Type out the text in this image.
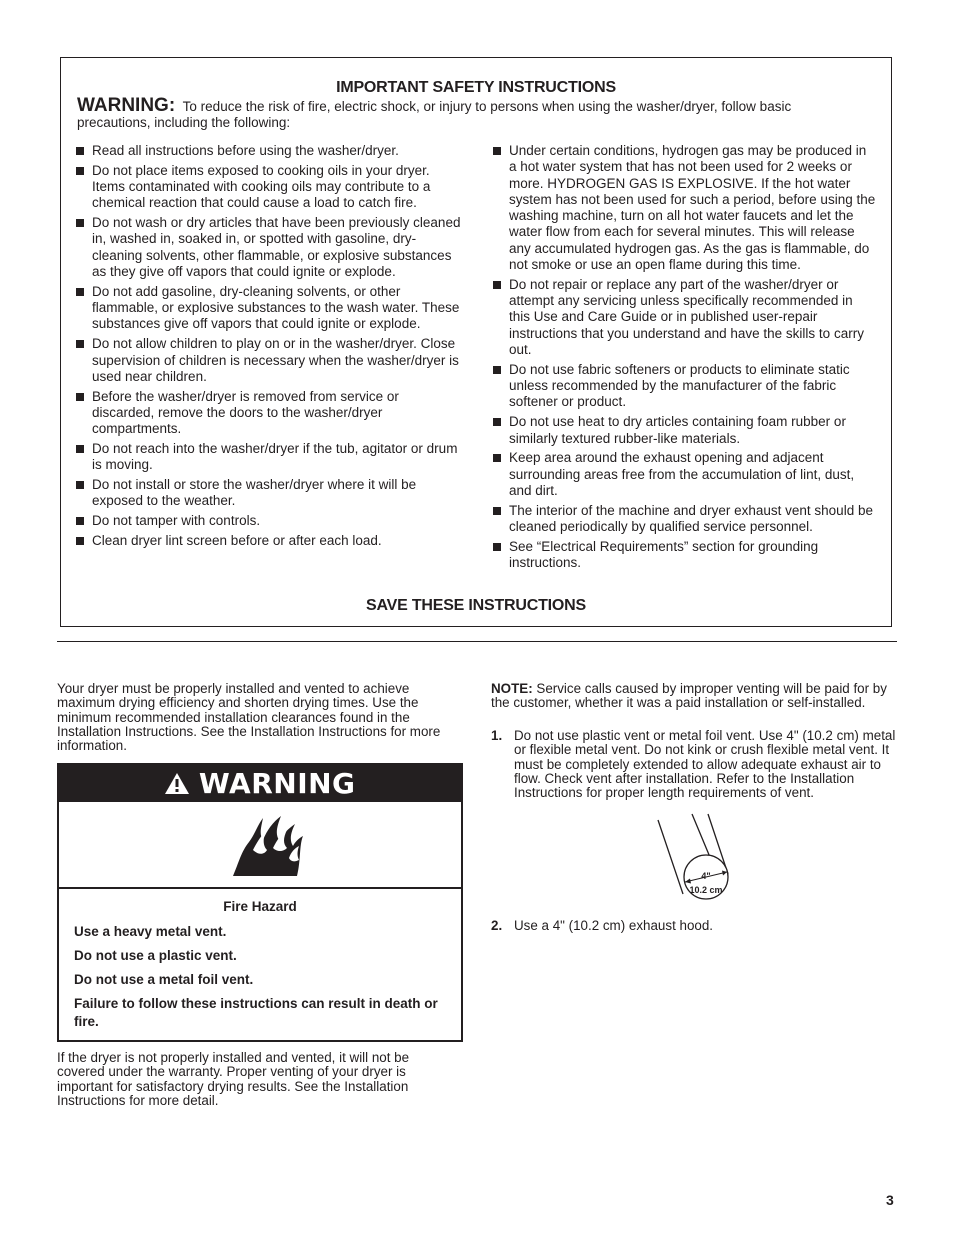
IMPORTANT SAFETY INSTRUCTIONS
WARNING: To reduce the risk of fire, electric shock, or injury to persons when using the washer/dryer, follow basic precautions, including the following:
Read all instructions before using the washer/dryer.
Do not place items exposed to cooking oils in your dryer. Items contaminated with cooking oils may contribute to a chemical reaction that could cause a load to catch fire.
Do not wash or dry articles that have been previously cleaned in, washed in, soaked in, or spotted with gasoline, dry-cleaning solvents, other flammable, or explosive substances as they give off vapors that could ignite or explode.
Do not add gasoline, dry-cleaning solvents, or other flammable, or explosive substances to the wash water. These substances give off vapors that could ignite or explode.
Do not allow children to play on or in the washer/dryer. Close supervision of children is necessary when the washer/dryer is used near children.
Before the washer/dryer is removed from service or discarded, remove the doors to the washer/dryer compartments.
Do not reach into the washer/dryer if the tub, agitator or drum is moving.
Do not install or store the washer/dryer where it will be exposed to the weather.
Do not tamper with controls.
Clean dryer lint screen before or after each load.
Under certain conditions, hydrogen gas may be produced in a hot water system that has not been used for 2 weeks or more. HYDROGEN GAS IS EXPLOSIVE. If the hot water system has not been used for such a period, before using the washing machine, turn on all hot water faucets and let the water flow from each for several minutes. This will release any accumulated hydrogen gas. As the gas is flammable, do not smoke or use an open flame during this time.
Do not repair or replace any part of the washer/dryer or attempt any servicing unless specifically recommended in this Use and Care Guide or in published user-repair instructions that you understand and have the skills to carry out.
Do not use fabric softeners or products to eliminate static unless recommended by the manufacturer of the fabric softener or product.
Do not use heat to dry articles containing foam rubber or similarly textured rubber-like materials.
Keep area around the exhaust opening and adjacent surrounding areas free from the accumulation of lint, dust, and dirt.
The interior of the machine and dryer exhaust vent should be cleaned periodically by qualified service personnel.
See “Electrical Requirements” section for grounding instructions.
SAVE THESE INSTRUCTIONS

Your dryer must be properly installed and vented to achieve maximum drying efficiency and shorten drying times. Use the minimum recommended installation clearances found in the Installation Instructions. See the Installation Instructions for more information.

WARNING
Fire Hazard
Use a heavy metal vent.
Do not use a plastic vent.
Do not use a metal foil vent.
Failure to follow these instructions can result in death or fire.

If the dryer is not properly installed and vented, it will not be covered under the warranty. Proper venting of your dryer is important for satisfactory drying results. See the Installation Instructions for more detail.

NOTE: Service calls caused by improper venting will be paid for by the customer, whether it was a paid installation or self-installed.

1. Do not use plastic vent or metal foil vent. Use 4" (10.2 cm) metal or flexible metal vent. Do not kink or crush flexible metal vent. It must be completely extended to allow adequate exhaust air to flow. Check vent after installation. Refer to the Installation Instructions for proper length requirements of vent.
4"
10.2 cm
2. Use a 4" (10.2 cm) exhaust hood.
3
